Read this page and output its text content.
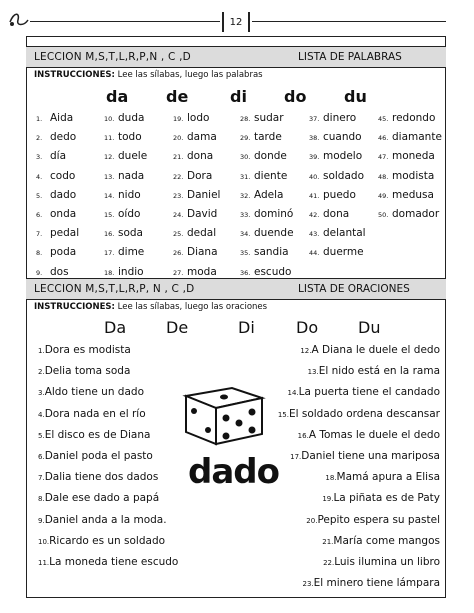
12
LECCION M,S,T,L,R,P,N , C ,D	LISTA DE PALABRAS
INSTRUCCIONES: Lee las sílabas, luego las palabras
LECCION M,S,T,L,R,P, N , C ,D	LISTA DE ORACIONES
INSTRUCCIONES: Lee las sílabas, luego las oraciones
dado
da de	di do du
1. Aida
2. dedo
3. día
4. codo
5. dado
6. onda
7. pedal
8. poda
9. dos
10. duda
11. todo
12. duele
13. nada
14. nido
15. oído
16. soda
17. dime
18. indio
19. lodo
20. dama
21. dona
22. Dora
23. Daniel
24. David
25. dedal
26. Diana
27. moda
28. sudar
29. tarde
30. donde
31. diente
32. Adela
33. dominó
34. duende
35. sandia
36. escudo
37. dinero
38. cuando
39. modelo
40. soldado
41. puedo
42. dona
43. delantal
44. duerme
45. redondo
46. diamante
47. moneda
48. modista
49. medusa
50. domador
Da De	Di	Do Du
1.Dora es modista
2.Delia toma soda
3.Aldo tiene un dado
4.Dora nada en el río
5.El disco es de Diana
6.Daniel poda el pasto
7.Dalia tiene dos dados
8.Dale ese dado a papá
9.Daniel anda a la moda.
10.Ricardo es un soldado
11.La moneda tiene escudo
12.A Diana le duele el dedo
13.El nido está en la rama
14.La puerta tiene el candado
15.El soldado ordena descansar
16.A Tomas le duele el dedo
17.Daniel tiene una mariposa
18.Mamá apura a Elisa
19.La piñata es de Paty
20.Pepito espera su pastel
21.María come mangos
22.Luis ilumina un libro
23.El minero tiene lámpara
